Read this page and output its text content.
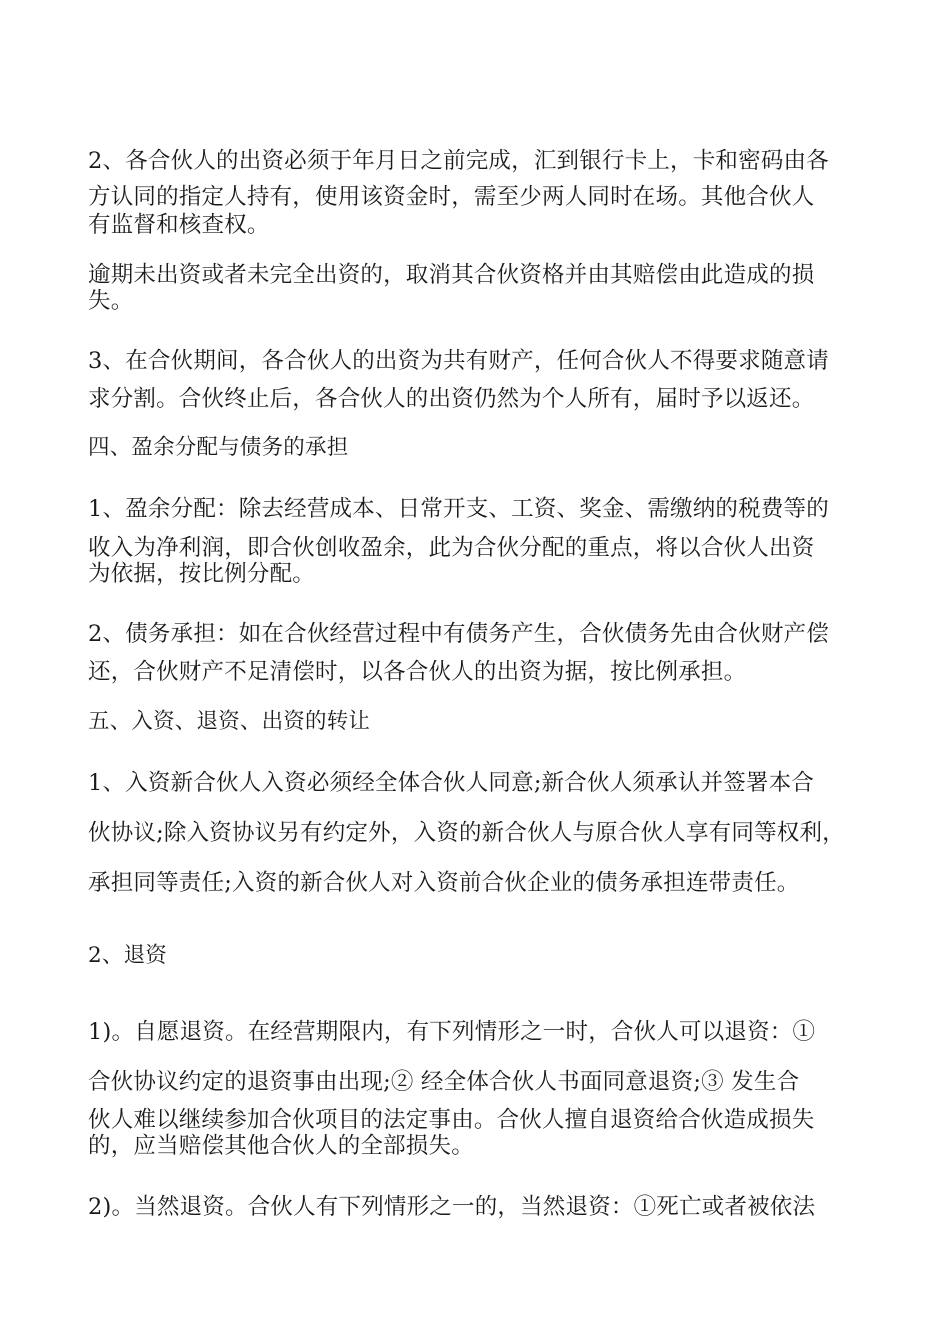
2、各合伙人的出资必须于年月日之前完成，汇到银行卡上，卡和密码由各
方认同的指定人持有，使用该资金时，需至少两人同时在场。其他合伙人
有监督和核查权。
逾期未出资或者未完全出资的，取消其合伙资格并由其赔偿由此造成的损
失。
3、在合伙期间，各合伙人的出资为共有财产，任何合伙人不得要求随意请
求分割。合伙终止后，各合伙人的出资仍然为个人所有，届时予以返还。
四、盈余分配与债务的承担
1、盈余分配：除去经营成本、日常开支、工资、奖金、需缴纳的税费等的
收入为净利润，即合伙创收盈余，此为合伙分配的重点，将以合伙人出资
为依据，按比例分配。
2、债务承担：如在合伙经营过程中有债务产生，合伙债务先由合伙财产偿
还，合伙财产不足清偿时，以各合伙人的出资为据，按比例承担。
五、入资、退资、出资的转让
1、入资新合伙人入资必须经全体合伙人同意;新合伙人须承认并签署本合
伙协议;除入资协议另有约定外，入资的新合伙人与原合伙人享有同等权利，
承担同等责任;入资的新合伙人对入资前合伙企业的债务承担连带责任。
2、退资
1)。自愿退资。在经营期限内，有下列情形之一时，合伙人可以退资：①
合伙协议约定的退资事由出现;② 经全体合伙人书面同意退资;③ 发生合
伙人难以继续参加合伙项目的法定事由。合伙人擅自退资给合伙造成损失
的，应当赔偿其他合伙人的全部损失。
2)。当然退资。合伙人有下列情形之一的，当然退资：①死亡或者被依法
